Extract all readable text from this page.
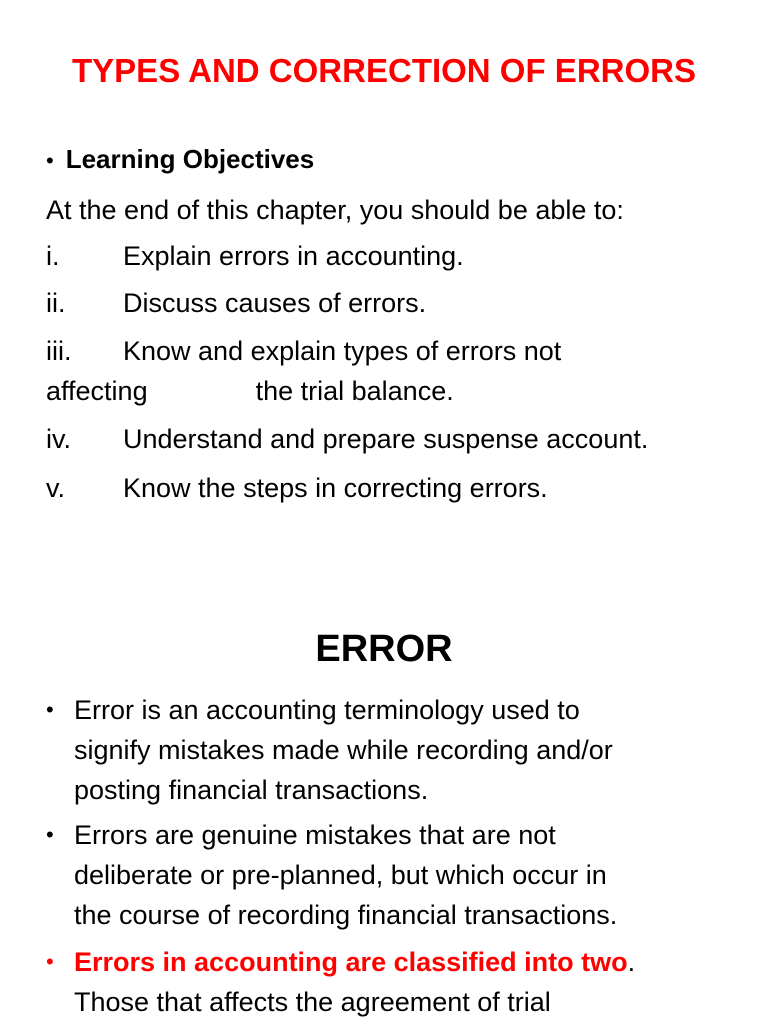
TYPES AND CORRECTION OF ERRORS
• Learning Objectives
At the end of this chapter, you should be able to:
i. Explain errors in accounting.
ii. Discuss causes of errors.
iii. Know and explain types of errors not
affecting	the trial balance.
iv. Understand and prepare suspense account.
v. Know the steps in correcting errors.
ERROR
• Error is an accounting terminology used to
signify mistakes made while recording and/or
posting financial transactions.
• Errors are genuine mistakes that are not
deliberate or pre-planned, but which occur in
the course of recording financial transactions.
• Errors in accounting are classified into two.
Those that affects the agreement of trial
